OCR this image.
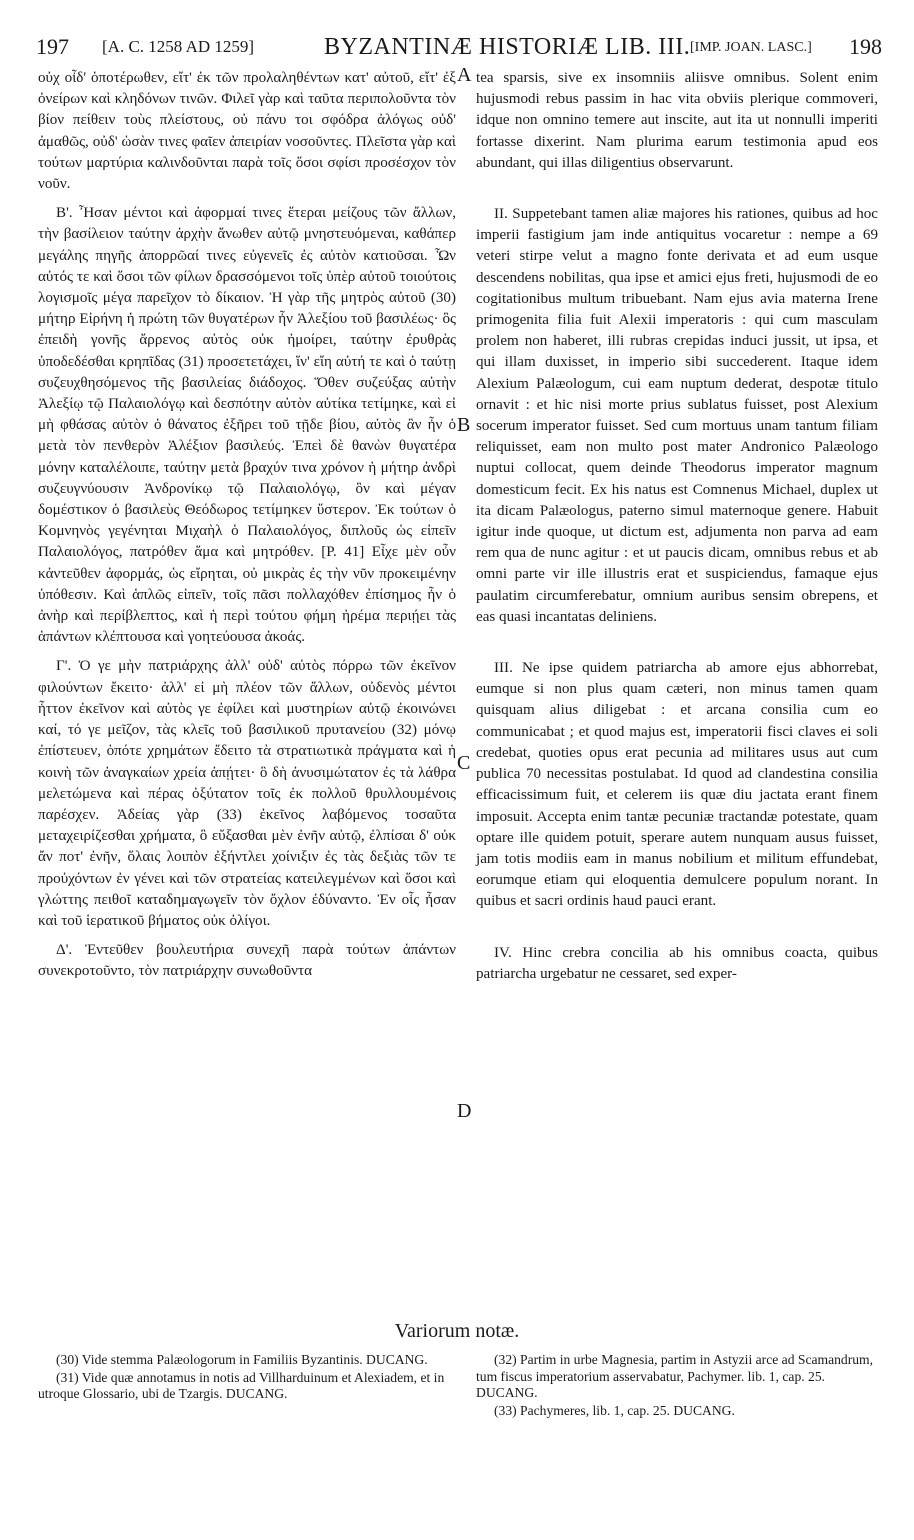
197 [A. C. 1258 AD 1259]	BYZANTINÆ HISTORIÆ LIB. III. [IMP. JOAN. LASC.] 198

οὐχ οἶδ' ὁποτέρωθεν, εἴτ' ἐκ τῶν προλαληθέντων κατ' αὐτοῦ, εἴτ' ἐξ ὀνείρων καὶ κληδόνων τινῶν. Φιλεῖ γὰρ καὶ ταῦτα περιπολοῦντα τὸν βίον πείθειν τοὺς πλείστους, οὐ πάνυ τοι σφόδρα ἀλόγως οὐδ' ἀμαθῶς, οὐδ' ὡσὰν τινες φαῖεν ἀπειρίαν νοσοῦντες. Πλεῖστα γὰρ καὶ τούτων μαρτύρια καλινδοῦνται παρὰ τοῖς ὅσοι σφίσι προσέσχον τὸν νοῦν.

Β'. Ἦσαν μέντοι καὶ ἀφορμαί τινες ἕτεραι μείζους τῶν ἄλλων, τὴν βασίλειον ταύτην ἀρχὴν ἄνωθεν αὐτῷ μνηστευόμεναι, καθάπερ μεγάλης πηγῆς ἀπορρῶαί τινες εὐγενεῖς ἐς αὐτὸν κατιοῦσαι. Ὧν αὐτός τε καὶ ὅσοι τῶν φίλων δρασσόμενοι τοῖς ὑπὲρ αὐτοῦ τοιούτοις λογισμοῖς μέγα παρεῖχον τὸ δίκαιον. Ἡ γὰρ τῆς μητρὸς αὐτοῦ (30) μήτηρ Εἰρήνη ἡ πρώτη τῶν θυγατέρων ἦν Ἀλεξίου τοῦ βασιλέως· ὃς ἐπειδὴ γονῆς ἄρρενος αὐτὸς οὐκ ἠμοίρει, ταύτην ἐρυθρὰς ὑποδεδέσθαι κρηπῖδας (31) προσετετάχει, ἵν' εἴη αὐτή τε καὶ ὁ ταύτῃ συζευχθησόμενος τῆς βασιλείας διάδοχος. Ὅθεν συζεύξας αὐτὴν Ἀλεξίῳ τῷ Παλαιολόγῳ καὶ δεσπότην αὐτὸν αὐτίκα τετίμηκε, καὶ εἰ μὴ φθάσας αὐτὸν ὁ θάνατος ἐξῆρει τοῦ τῇδε βίου, αὐτὸς ἂν ἦν ὁ μετὰ τὸν πενθερὸν Ἀλέξιον βασιλεύς. Ἐπεὶ δὲ θανὼν θυγατέρα μόνην καταλέλοιπε, ταύτην μετὰ βραχύν τινα χρόνον ἡ μήτηρ ἀνδρὶ συζευγνύουσιν Ἀνδρονίκῳ τῷ Παλαιολόγῳ, ὃν καὶ μέγαν δομέστικον ὁ βασιλεὺς Θεόδωρος τετίμηκεν ὕστερον. Ἐκ τούτων ὁ Κομνηνὸς γεγένηται Μιχαὴλ ὁ Παλαιολόγος, διπλοῦς ὡς εἰπεῖν Παλαιολόγος, πατρόθεν ἅμα καὶ μητρόθεν. [P. 41] Εἶχε μὲν οὖν κἀντεῦθεν ἀφορμάς, ὡς εἴρηται, οὐ μικρὰς ἐς τὴν νῦν προκειμένην ὑπόθεσιν. Καὶ ἁπλῶς εἰπεῖν, τοῖς πᾶσι πολλαχόθεν ἐπίσημος ἦν ὁ ἀνὴρ καὶ περίβλεπτος, καὶ ἡ περὶ τούτου φήμη ἠρέμα περιῄει τὰς ἁπάντων κλέπτουσα καὶ γοητεύουσα ἀκοάς.

Γ'. Ὁ γε μὴν πατριάρχης ἀλλ' οὐδ' αὐτὸς πόρρω τῶν ἐκεῖνον φιλούντων ἔκειτο· ἀλλ' εἰ μὴ πλέον τῶν ἄλλων, οὐδενὸς μέντοι ἧττον ἐκεῖνον καὶ αὐτὸς γε ἐφίλει καὶ μυστηρίων αὐτῷ ἐκοινώνει καί, τό γε μεῖζον, τὰς κλεῖς τοῦ βασιλικοῦ πρυτανείου (32) μόνῳ ἐπίστευεν, ὁπότε χρημάτων ἔδειτο τὰ στρατιωτικὰ πράγματα καὶ ἡ κοινὴ τῶν ἀναγκαίων χρεία ἀπῄτει· ὃ δὴ ἀνυσιμώτατον ἐς τὰ λάθρα μελετώμενα καὶ πέρας ὀξύτατον τοῖς ἐκ πολλοῦ θρυλλουμένοις παρέσχεν. Ἀδείας γὰρ (33) ἐκεῖνος λαβόμενος τοσαῦτα μεταχειρίζεσθαι χρήματα, ὃ εὔξασθαι μὲν ἐνῆν αὐτῷ, ἐλπίσαι δ' οὐκ ἄν ποτ' ἐνῆν, ὅλαις λοιπὸν ἐξήντλει χοίνιξιν ἐς τὰς δεξιὰς τῶν τε προὐχόντων ἐν γένει καὶ τῶν στρατείας κατειλεγμένων καὶ ὅσοι καὶ γλώττης πειθοῖ καταδημαγωγεῖν τὸν ὄχλον ἐδύναντο. Ἐν οἷς ἦσαν καὶ τοῦ ἱερατικοῦ βήματος οὐκ ὀλίγοι.

Δ'. Ἐντεῦθεν βουλευτήρια συνεχῆ παρὰ τούτων ἁπάντων συνεκροτοῦντο, τὸν πατριάρχην συνωθοῦντα

A
B
C
D

tea sparsis, sive ex insomniis aliisve omnibus. Solent enim hujusmodi rebus passim in hac vita obviis plerique commoveri, idque non omnino temere aut inscite, aut ita ut nonnulli imperiti fortasse dixerint. Nam plurima earum testimonia apud eos abundant, qui illas diligentius observarunt.

II. Suppetebant tamen aliæ majores his rationes, quibus ad hoc imperii fastigium jam inde antiquitus vocaretur : nempe a 69 veteri stirpe velut a magno fonte derivata et ad eum usque descendens nobilitas, qua ipse et amici ejus freti, hujusmodi de eo cogitationibus multum tribuebant. Nam ejus avia materna Irene primogenita filia fuit Alexii imperatoris : qui cum masculam prolem non haberet, illi rubras crepidas induci jussit, ut ipsa, et qui illam duxisset, in imperio sibi succederent. Itaque idem Alexium Palæologum, cui eam nuptum dederat, despotæ titulo ornavit : et hic nisi morte prius sublatus fuisset, post Alexium socerum imperator fuisset. Sed cum mortuus unam tantum filiam reliquisset, eam non multo post mater Andronico Palæologo nuptui collocat, quem deinde Theodorus imperator magnum domesticum fecit. Ex his natus est Comnenus Michael, duplex ut ita dicam Palæologus, paterno simul maternoque genere. Habuit igitur inde quoque, ut dictum est, adjumenta non parva ad eam rem qua de nunc agitur : et ut paucis dicam, omnibus rebus et ab omni parte vir ille illustris erat et suspiciendus, famaque ejus paulatim circumferebatur, omnium auribus sensim obrepens, et eas quasi incantatas deliniens.

III. Ne ipse quidem patriarcha ab amore ejus abhorrebat, eumque si non plus quam cæteri, non minus tamen quam quisquam alius diligebat : et arcana consilia cum eo communicabat ; et quod majus est, imperatorii fisci claves ei soli credebat, quoties opus erat pecunia ad militares usus aut cum publica 70 necessitas postulabat. Id quod ad clandestina consilia efficacissimum fuit, et celerem iis quæ diu jactata erant finem imposuit. Accepta enim tantæ pecuniæ tractandæ potestate, quam optare ille quidem potuit, sperare autem nunquam ausus fuisset, jam totis modiis eam in manus nobilium et militum effundebat, eorumque etiam qui eloquentia demulcere populum norant. In quibus et sacri ordinis haud pauci erant.

IV. Hinc crebra concilia ab his omnibus coacta, quibus patriarcha urgebatur ne cessaret, sed exper-

Variorum notæ.

(30) Vide stemma Palæologorum in Familiis Byzantinis. DUCANG.

(31) Vide quæ annotamus in notis ad Villharduinum et Alexiadem, et in utroque Glossario, ubi de Tzargis. DUCANG.

(32) Partim in urbe Magnesia, partim in Astyzii arce ad Scamandrum, tum fiscus imperatorium asservabatur, Pachymer. lib. 1, cap. 25. DUCANG.

(33) Pachymeres, lib. 1, cap. 25. DUCANG.
